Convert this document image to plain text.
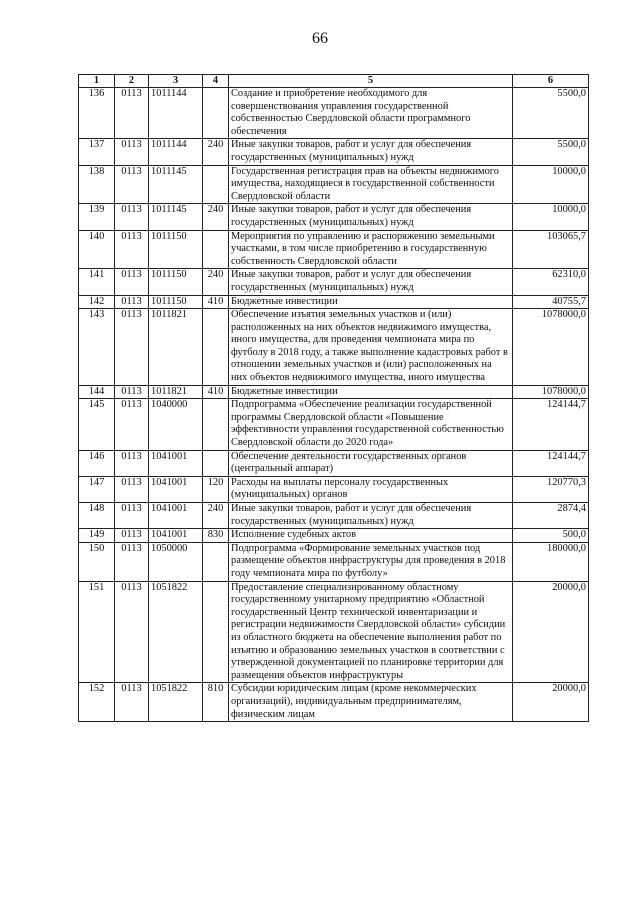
66
1	2	3	4	5	6
136	0113	1011144		Создание и приобретение необходимого для совершенствования управления государственной собственностью Свердловской области программного обеспечения	5500,0
137	0113	1011144	240	Иные закупки товаров, работ и услуг для обеспечения государственных (муниципальных) нужд	5500,0
138	0113	1011145		Государственная регистрация прав на объекты недвижимого имущества, находящиеся в государственной собственности Свердловской области	10000,0
139	0113	1011145	240	Иные закупки товаров, работ и услуг для обеспечения государственных (муниципальных) нужд	10000,0
140	0113	1011150		Мероприятия по управлению и распоряжению земельными участками, в том числе приобретению в государственную собственность Свердловской области	103065,7
141	0113	1011150	240	Иные закупки товаров, работ и услуг для обеспечения государственных (муниципальных) нужд	62310,0
142	0113	1011150	410	Бюджетные инвестиции	40755,7
143	0113	1011821		Обеспечение изъятия земельных участков и (или) расположенных на них объектов недвижимого имущества, иного имущества, для проведения чемпионата мира по футболу в 2018 году, а также выполнение кадастровых работ в отношении земельных участков и (или) расположенных на них объектов недвижимого имущества, иного имущества	1078000,0
144	0113	1011821	410	Бюджетные инвестиции	1078000,0
145	0113	1040000		Подпрограмма «Обеспечение реализации государственной программы Свердловской области «Повышение эффективности управления государственной собственностью Свердловской области до 2020 года»	124144,7
146	0113	1041001		Обеспечение деятельности государственных органов (центральный аппарат)	124144,7
147	0113	1041001	120	Расходы на выплаты персоналу государственных (муниципальных) органов	120770,3
148	0113	1041001	240	Иные закупки товаров, работ и услуг для обеспечения государственных (муниципальных) нужд	2874,4
149	0113	1041001	830	Исполнение судебных актов	500,0
150	0113	1050000		Подпрограмма «Формирование земельных участков под размещение объектов инфраструктуры для проведения в 2018 году чемпионата мира по футболу»	180000,0
151	0113	1051822		Предоставление специализированному областному государственному унитарному предприятию «Областной государственный Центр технической инвентаризации и регистрации недвижимости Свердловской области» субсидии из областного бюджета на обеспечение выполнения работ по изъятию и образованию земельных участков в соответствии с утвержденной документацией по планировке территории для размещения объектов инфраструктуры	20000,0
152	0113	1051822	810	Субсидии юридическим лицам (кроме некоммерческих организаций), индивидуальным предпринимателям, физическим лицам	20000,0
